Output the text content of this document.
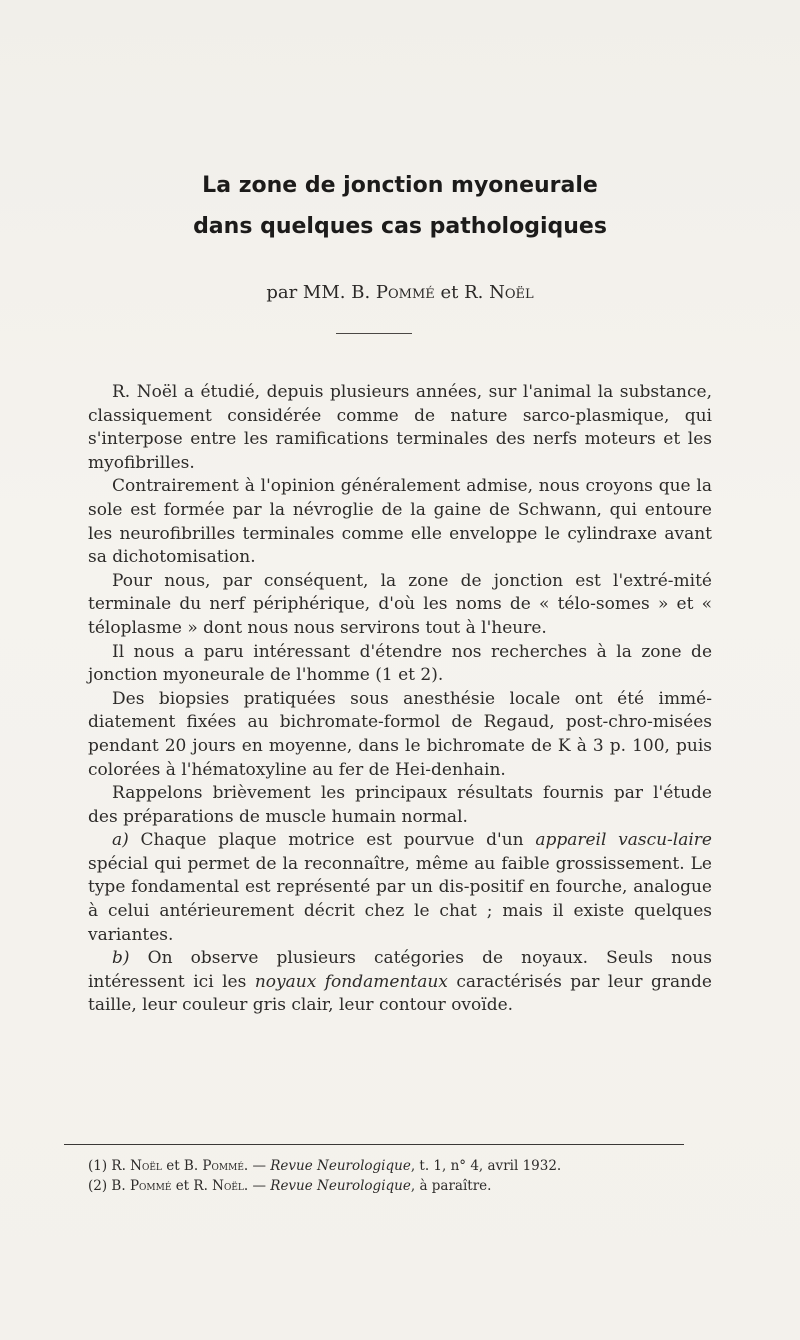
La zone de jonction myoneurale
dans quelques cas pathologiques
par MM. B. Pommé et R. Noël

R. Noël a étudié, depuis plusieurs années, sur l'animal la substance, classiquement considérée comme de nature sarco-plasmique, qui s'interpose entre les ramifications terminales des nerfs moteurs et les myofibrilles.

Contrairement à l'opinion généralement admise, nous croyons que la sole est formée par la névroglie de la gaine de Schwann, qui entoure les neurofibrilles terminales comme elle enveloppe le cylindraxe avant sa dichotomisation.

Pour nous, par conséquent, la zone de jonction est l'extré-mité terminale du nerf périphérique, d'où les noms de « télo-somes » et « téloplasme » dont nous nous servirons tout à l'heure.

Il nous a paru intéressant d'étendre nos recherches à la zone de jonction myoneurale de l'homme (1 et 2).

Des biopsies pratiquées sous anesthésie locale ont été immé-diatement fixées au bichromate-formol de Regaud, post-chro-misées pendant 20 jours en moyenne, dans le bichromate de K à 3 p. 100, puis colorées à l'hématoxyline au fer de Hei-denhain.

Rappelons brièvement les principaux résultats fournis par l'étude des préparations de muscle humain normal.

a) Chaque plaque motrice est pourvue d'un appareil vascu-laire spécial qui permet de la reconnaître, même au faible grossissement. Le type fondamental est représenté par un dis-positif en fourche, analogue à celui antérieurement décrit chez le chat ; mais il existe quelques variantes.

b) On observe plusieurs catégories de noyaux. Seuls nous intéressent ici les noyaux fondamentaux caractérisés par leur grande taille, leur couleur gris clair, leur contour ovoïde.

(1) R. Noël et B. Pommé. — Revue Neurologique, t. 1, n° 4, avril 1932.
(2) B. Pommé et R. Noël. — Revue Neurologique, à paraître.
